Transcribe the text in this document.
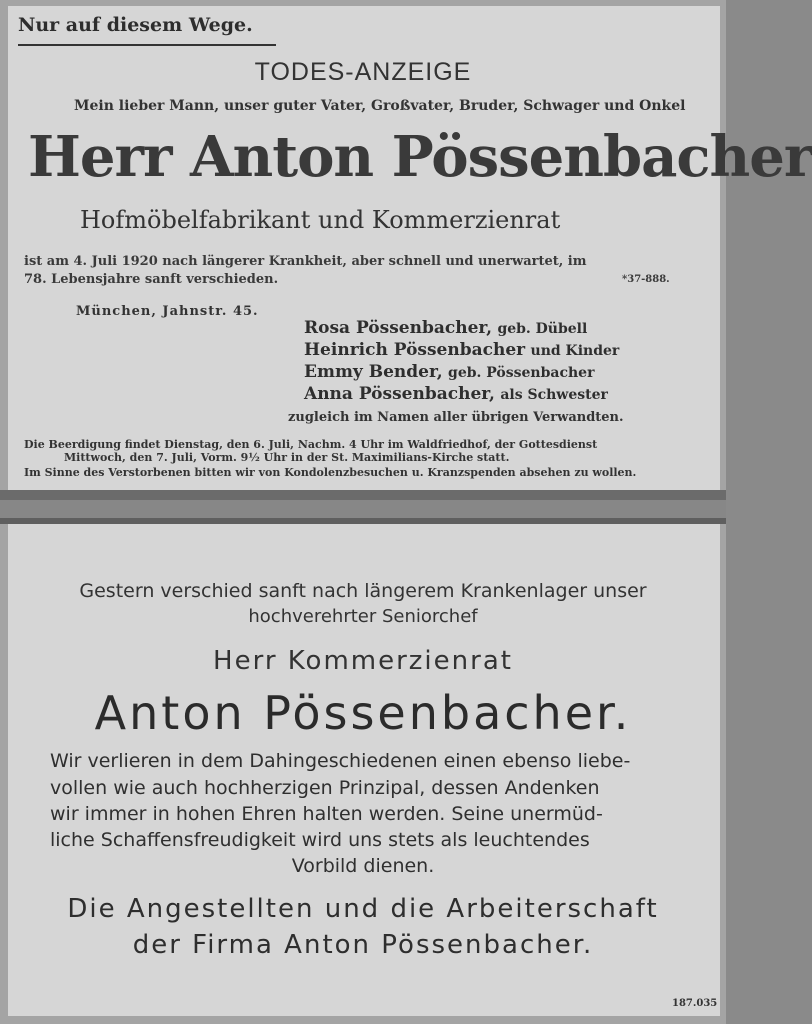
Nur auf diesem Wege.
TODES-ANZEIGE
Mein lieber Mann, unser guter Vater, Großvater, Bruder, Schwager und Onkel
Herr Anton Pössenbacher
Hofmöbelfabrikant und Kommerzienrat
ist am 4. Juli 1920 nach längerer Krankheit, aber schnell und unerwartet, im
78. Lebensjahre sanft verschieden.	*37-888.
München, Jahnstr. 45.
Rosa Pössenbacher, geb. Dübell
Heinrich Pössenbacher und Kinder
Emmy Bender, geb. Pössenbacher
Anna Pössenbacher, als Schwester
zugleich im Namen aller übrigen Verwandten.
Die Beerdigung findet Dienstag, den 6. Juli, Nachm. 4 Uhr im Waldfriedhof, der Gottesdienst
Mittwoch, den 7. Juli, Vorm. 9½ Uhr in der St. Maximilians-Kirche statt.
Im Sinne des Verstorbenen bitten wir von Kondolenzbesuchen u. Kranzspenden absehen zu wollen.
Gestern verschied sanft nach längerem Krankenlager unser
hochverehrter Seniorchef
Herr Kommerzienrat
Anton Pössenbacher.
Wir verlieren in dem Dahingeschiedenen einen ebenso liebe-
vollen wie auch hochherzigen Prinzipal, dessen Andenken
wir immer in hohen Ehren halten werden. Seine unermüd-
liche Schaffensfreudigkeit wird uns stets als leuchtendes
Vorbild dienen.
Die Angestellten und die Arbeiterschaft
der Firma Anton Pössenbacher.
187.035
